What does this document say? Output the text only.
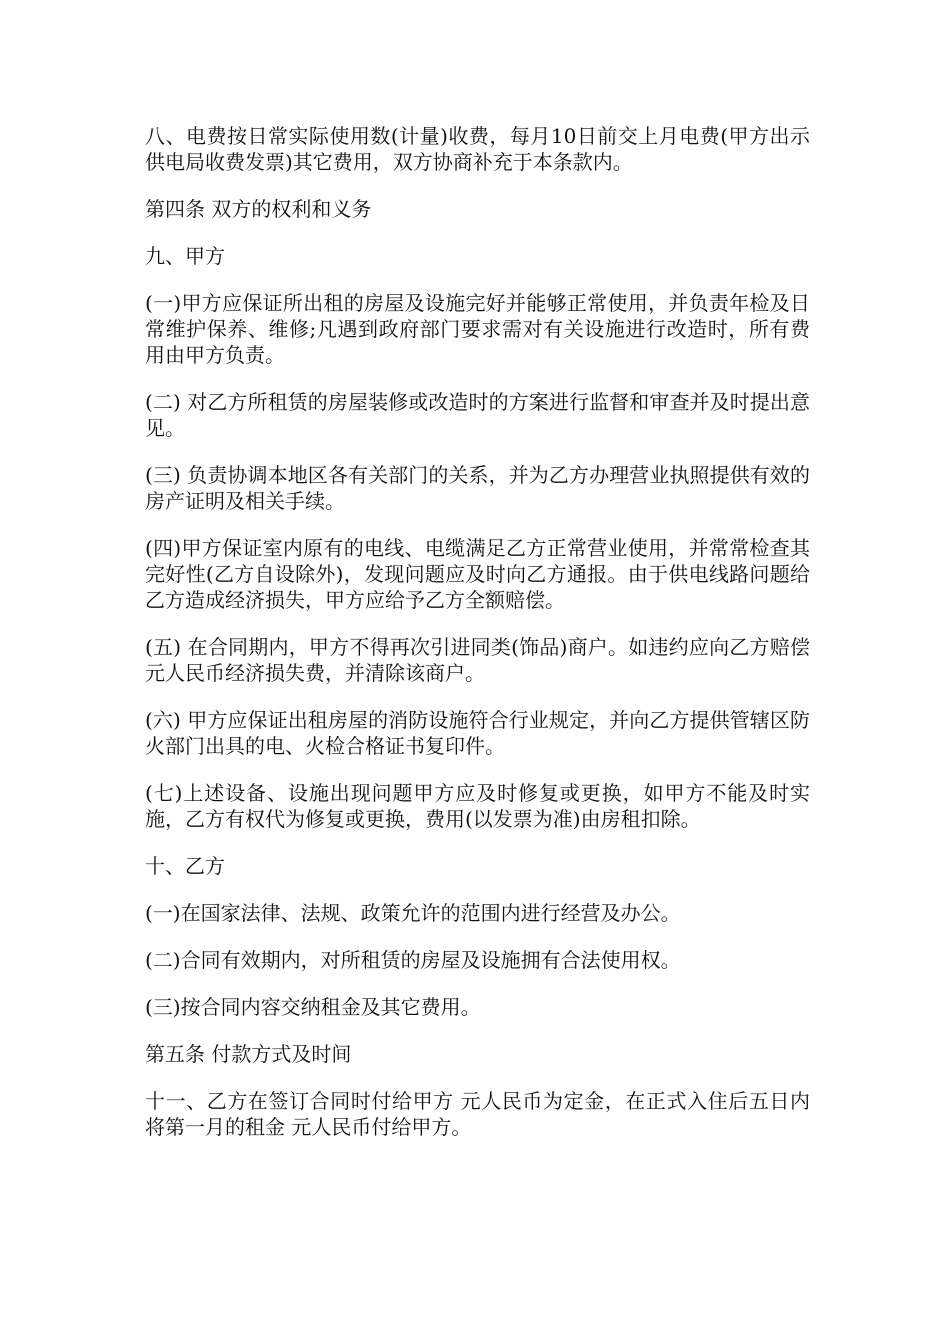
八、电费按日常实际使用数(计量)收费，每月10日前交上月电费(甲方出示供电局收费发票)其它费用，双方协商补充于本条款内。

第四条 双方的权利和义务

九、甲方

(一)甲方应保证所出租的房屋及设施完好并能够正常使用，并负责年检及日常维护保养、维修;凡遇到政府部门要求需对有关设施进行改造时，所有费用由甲方负责。

(二) 对乙方所租赁的房屋装修或改造时的方案进行监督和审查并及时提出意见。

(三) 负责协调本地区各有关部门的关系，并为乙方办理营业执照提供有效的房产证明及相关手续。

(四)甲方保证室内原有的电线、电缆满足乙方正常营业使用，并常常检查其完好性(乙方自设除外)，发现问题应及时向乙方通报。由于供电线路问题给乙方造成经济损失，甲方应给予乙方全额赔偿。

(五) 在合同期内，甲方不得再次引进同类(饰品)商户。如违约应向乙方赔偿 元人民币经济损失费，并清除该商户。

(六) 甲方应保证出租房屋的消防设施符合行业规定，并向乙方提供管辖区防火部门出具的电、火检合格证书复印件。

(七)上述设备、设施出现问题甲方应及时修复或更换，如甲方不能及时实施，乙方有权代为修复或更换，费用(以发票为准)由房租扣除。

十、乙方

(一)在国家法律、法规、政策允许的范围内进行经营及办公。

(二)合同有效期内，对所租赁的房屋及设施拥有合法使用权。

(三)按合同内容交纳租金及其它费用。

第五条 付款方式及时间

十一、乙方在签订合同时付给甲方 元人民币为定金，在正式入住后五日内将第一月的租金 元人民币付给甲方。
